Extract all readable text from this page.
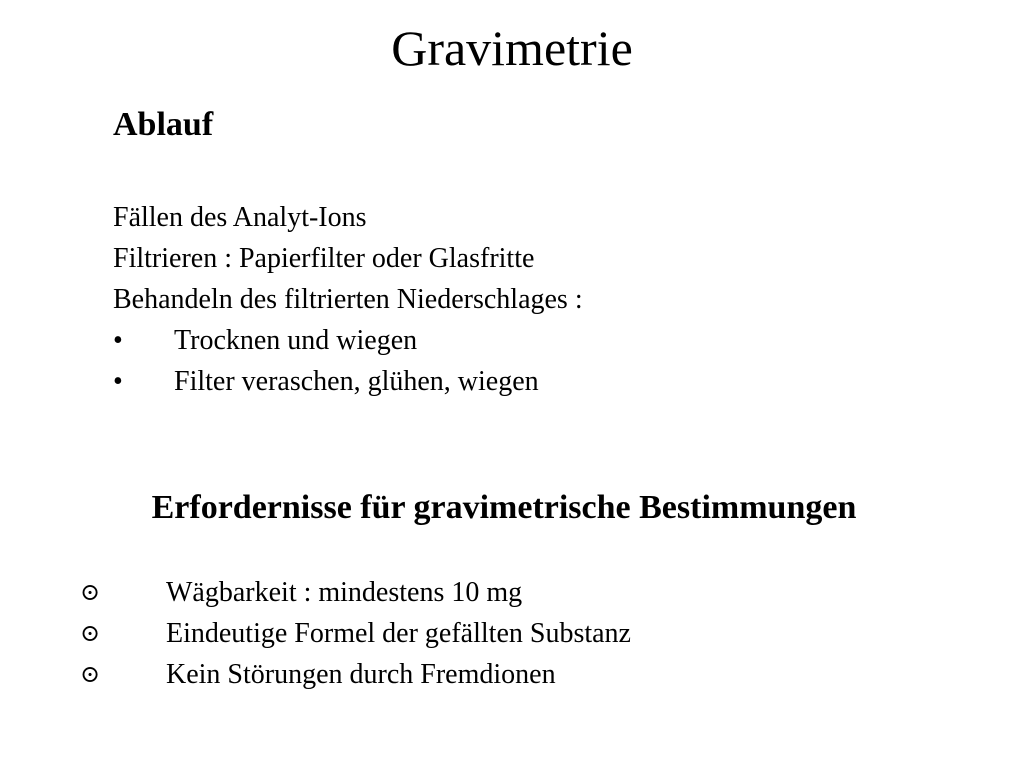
Gravimetrie
Ablauf
Fällen des Analyt-Ions
Filtrieren : Papierfilter oder Glasfritte
Behandeln des filtrierten Niederschlages :
• Trocknen und wiegen
• Filter veraschen, glühen, wiegen
Erfordernisse für gravimetrische Bestimmungen
⊙ Wägbarkeit : mindestens 10 mg
⊙ Eindeutige Formel der gefällten Substanz
⊙ Kein Störungen durch Fremdionen
